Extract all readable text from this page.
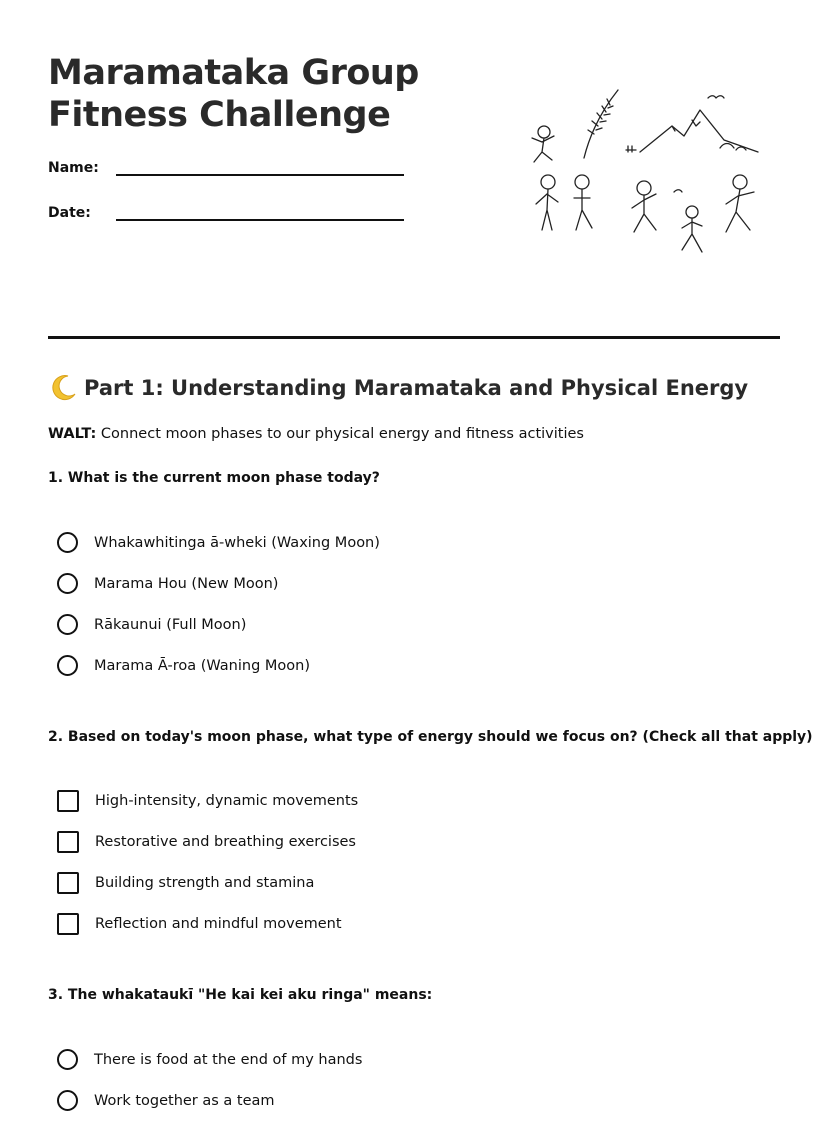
Maramataka Group
Fitness Challenge
Name:
Date:
Part 1: Understanding Maramataka and Physical Energy
WALT: Connect moon phases to our physical energy and fitness activities

1. What is the current moon phase today?

Whakawhitinga ā-wheki (Waxing Moon)
Marama Hou (New Moon)
Rākaunui (Full Moon)
Marama Ā-roa (Waning Moon)

2. Based on today's moon phase, what type of energy should we focus on? (Check all that apply)

High-intensity, dynamic movements
Restorative and breathing exercises
Building strength and stamina
Reflection and mindful movement

3. The whakataukī "He kai kei aku ringa" means:

There is food at the end of my hands
Work together as a team
